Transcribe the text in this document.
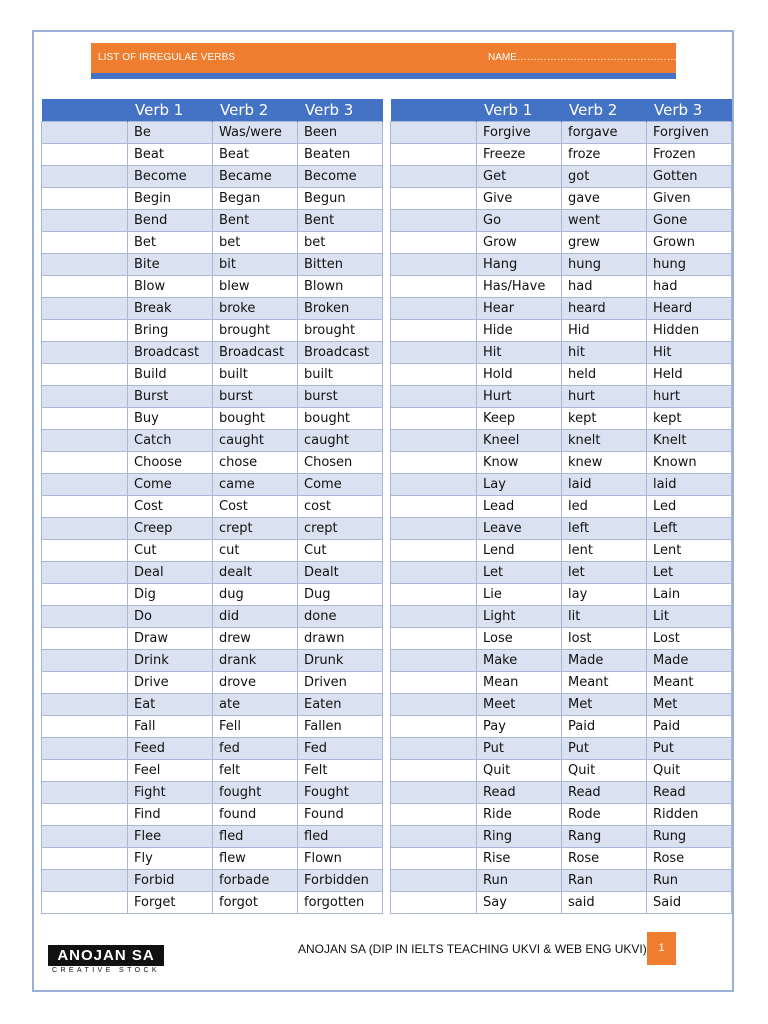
LIST OF IRREGULAE VERBS	NAME……………………………………………………
	Verb 1	Verb 2	Verb 3
	Be	Was/were	Been
	Beat	Beat	Beaten
	Become	Became	Become
	Begin	Began	Begun
	Bend	Bent	Bent
	Bet	bet	bet
	Bite	bit	Bitten
	Blow	blew	Blown
	Break	broke	Broken
	Bring	brought	brought
	Broadcast	Broadcast	Broadcast
	Build	built	built
	Burst	burst	burst
	Buy	bought	bought
	Catch	caught	caught
	Choose	chose	Chosen
	Come	came	Come
	Cost	Cost	cost
	Creep	crept	crept
	Cut	cut	Cut
	Deal	dealt	Dealt
	Dig	dug	Dug
	Do	did	done
	Draw	drew	drawn
	Drink	drank	Drunk
	Drive	drove	Driven
	Eat	ate	Eaten
	Fall	Fell	Fallen
	Feed	fed	Fed
	Feel	felt	Felt
	Fight	fought	Fought
	Find	found	Found
	Flee	fled	fled
	Fly	flew	Flown
	Forbid	forbade	Forbidden
	Forget	forgot	forgotten
	Verb 1	Verb 2	Verb 3
	Forgive	forgave	Forgiven
	Freeze	froze	Frozen
	Get	got	Gotten
	Give	gave	Given
	Go	went	Gone
	Grow	grew	Grown
	Hang	hung	hung
	Has/Have	had	had
	Hear	heard	Heard
	Hide	Hid	Hidden
	Hit	hit	Hit
	Hold	held	Held
	Hurt	hurt	hurt
	Keep	kept	kept
	Kneel	knelt	Knelt
	Know	knew	Known
	Lay	laid	laid
	Lead	led	Led
	Leave	left	Left
	Lend	lent	Lent
	Let	let	Let
	Lie	lay	Lain
	Light	lit	Lit
	Lose	lost	Lost
	Make	Made	Made
	Mean	Meant	Meant
	Meet	Met	Met
	Pay	Paid	Paid
	Put	Put	Put
	Quit	Quit	Quit
	Read	Read	Read
	Ride	Rode	Ridden
	Ring	Rang	Rung
	Rise	Rose	Rose
	Run	Ran	Run
	Say	said	Said
ANOJAN SA
CREATIVE STOCK
ANOJAN SA (DIP IN IELTS TEACHING UKVI & WEB ENG UKVI)	1
